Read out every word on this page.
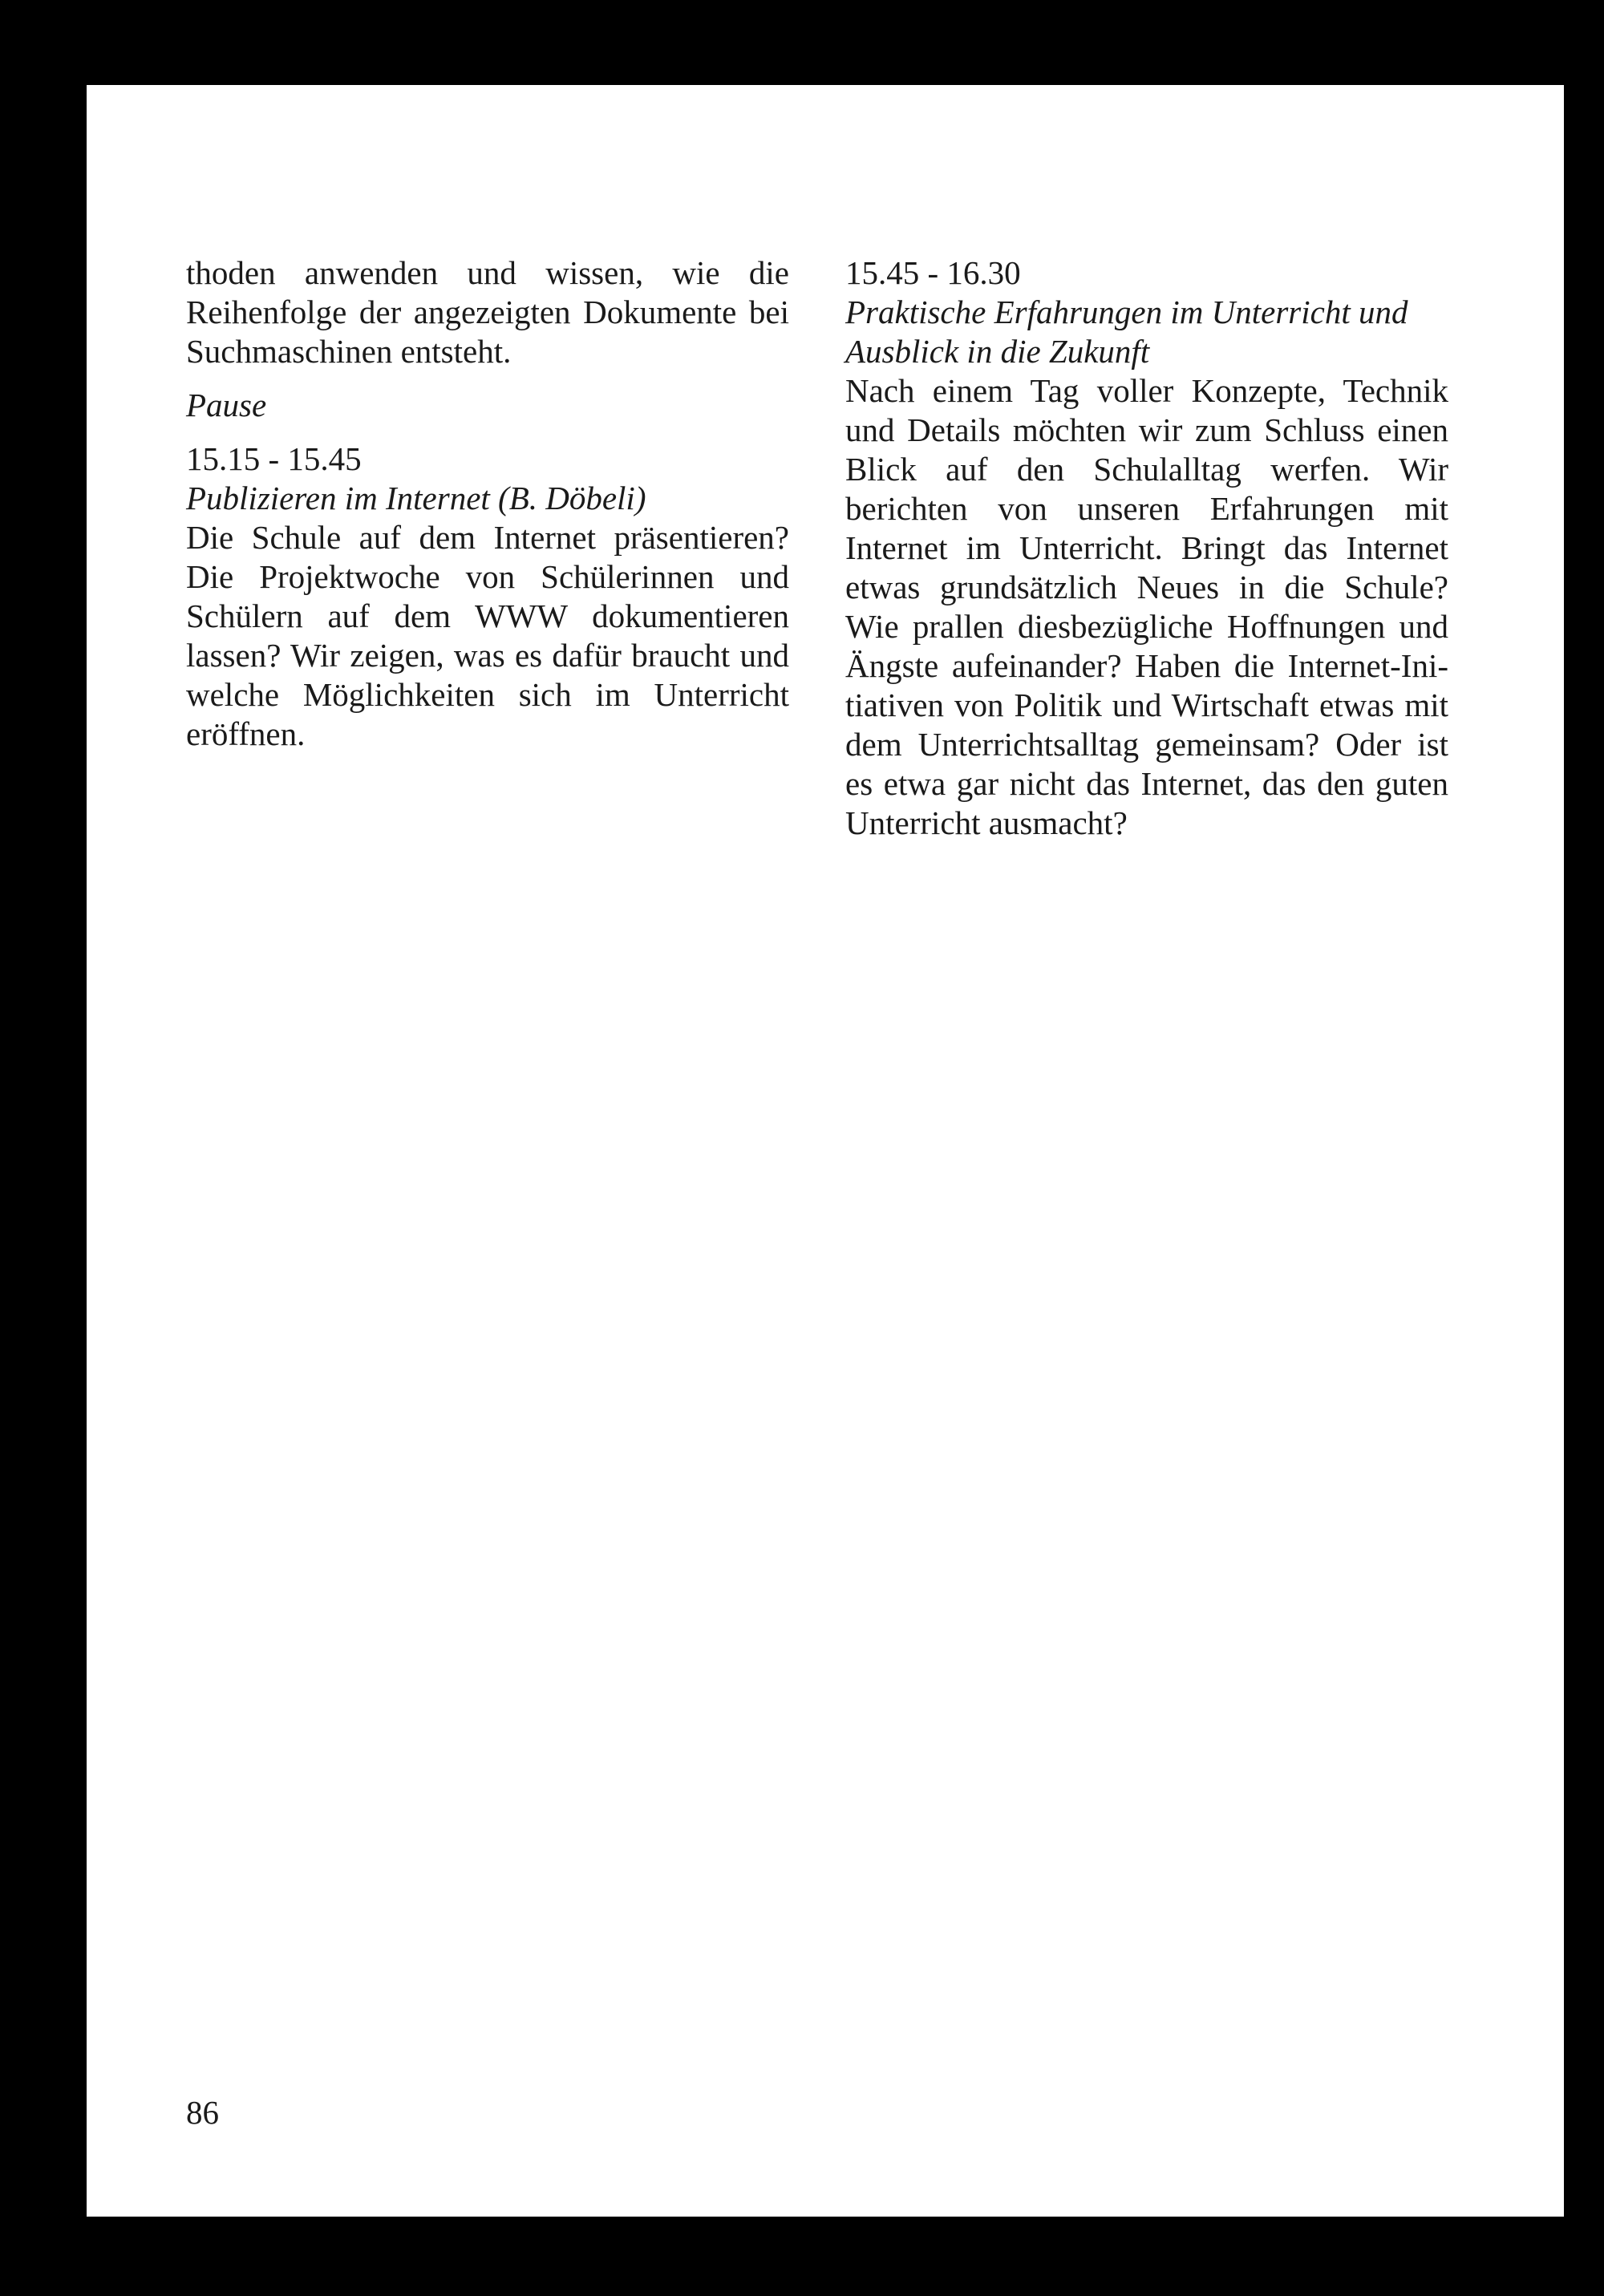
thoden anwenden und wissen, wie die Reihenfolge der angezeigten Dokumente bei Suchmaschinen entsteht.

Pause

15.15 - 15.45

Publizieren im Internet (B. Döbeli)

Die Schule auf dem Internet präsentieren? Die Projektwoche von Schülerinnen und Schülern auf dem WWW dokumentieren lassen? Wir zeigen, was es dafür braucht und welche Möglichkeiten sich im Unterricht eröffnen.

15.45 - 16.30

Praktische Erfahrungen im Unterricht und Ausblick in die Zukunft

Nach einem Tag voller Konzepte, Technik und Details möchten wir zum Schluss einen Blick auf den Schulalltag werfen. Wir berichten von unseren Erfahrungen mit Internet im Unterricht. Bringt das Internet etwas grundsätzlich Neues in die Schule? Wie prallen diesbezügliche Hoffnungen und Ängste aufeinander? Haben die Internet-Initiativen von Politik und Wirtschaft etwas mit dem Unterrichtsalltag gemeinsam? Oder ist es etwa gar nicht das Internet, das den guten Unterricht ausmacht?

86
